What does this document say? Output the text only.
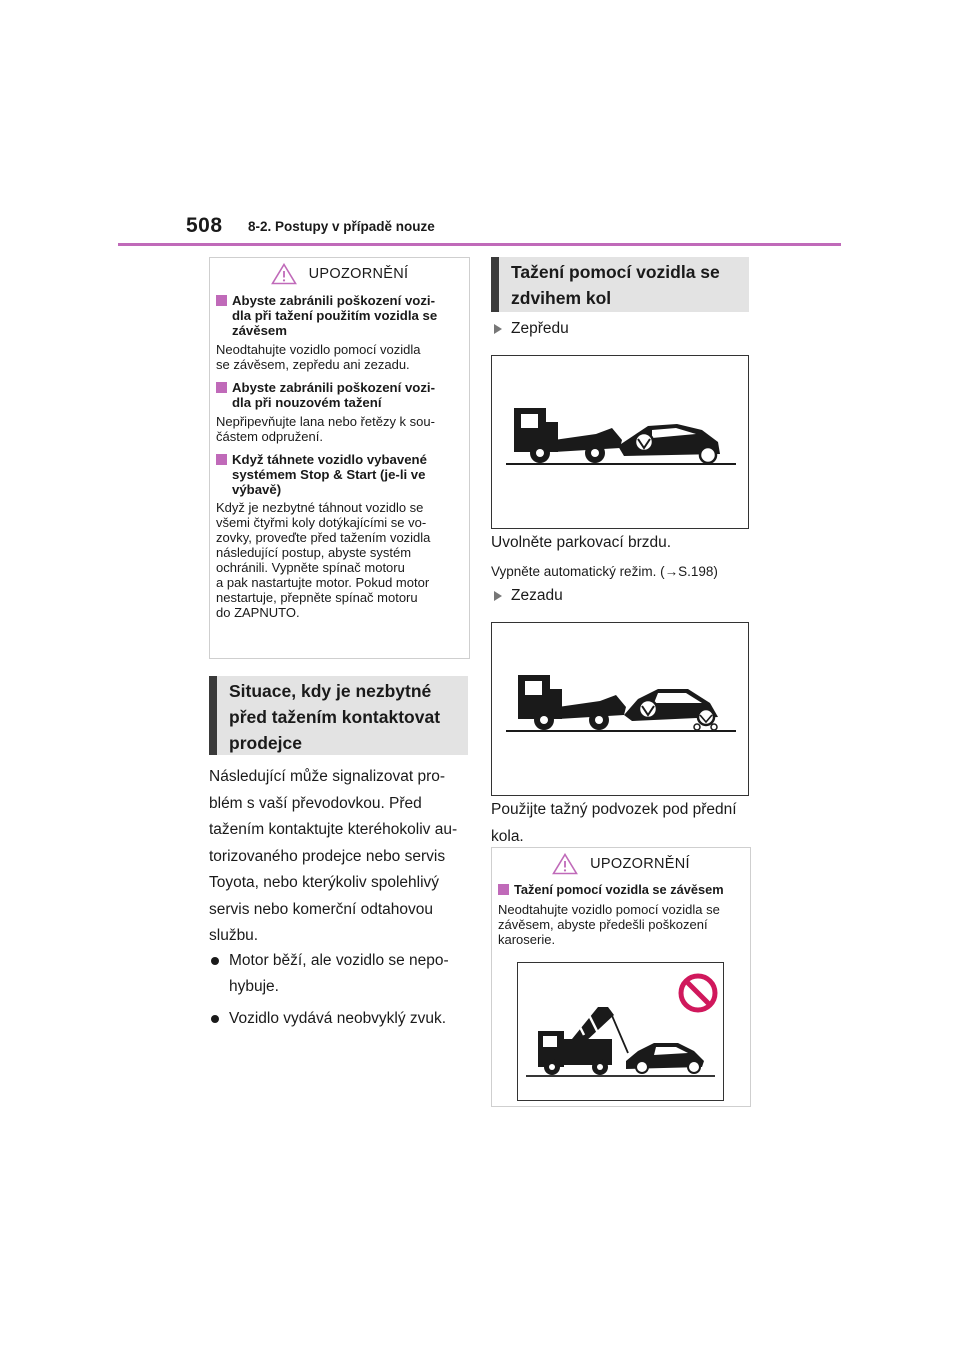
508 8-2. Postupy v případě nouze
UPOZORNĚNÍ
Abyste zabránili poškození vozi-
dla při tažení použitím vozidla se
závěsem
Neodtahujte vozidlo pomocí vozidla
se závěsem, zepředu ani zezadu.
Abyste zabránili poškození vozi-
dla při nouzovém tažení
Nepřipevňujte lana nebo řetězy k sou-
částem odpružení.
Když táhnete vozidlo vybavené
systémem Stop & Start (je-li ve
výbavě)
Když je nezbytné táhnout vozidlo se
všemi čtyřmi koly dotýkajícími se vo-
zovky, proveďte před tažením vozidla
následující postup, abyste systém
ochránili. Vypněte spínač motoru
a pak nastartujte motor. Pokud motor
nestartuje, přepněte spínač motoru
do ZAPNUTO.
Situace, kdy je nezbytné
před tažením kontaktovat
prodejce
Následující může signalizovat pro-
blém s vaší převodovkou. Před
tažením kontaktujte kteréhokoliv au-
torizovaného prodejce nebo servis
Toyota, nebo kterýkoliv spolehlivý
servis nebo komerční odtahovou
službu.
Motor běží, ale vozidlo se nepo-
hybuje.
Vozidlo vydává neobvyklý zvuk.
Tažení pomocí vozidla se
zdvihem kol
Zepředu
Uvolněte parkovací brzdu.
Vypněte automatický režim. (→S.198)
Zezadu
Použijte tažný podvozek pod přední
kola.
UPOZORNĚNÍ
Tažení pomocí vozidla se závěsem
Neodtahujte vozidlo pomocí vozidla se
závěsem, abyste předešli poškození
karoserie.
